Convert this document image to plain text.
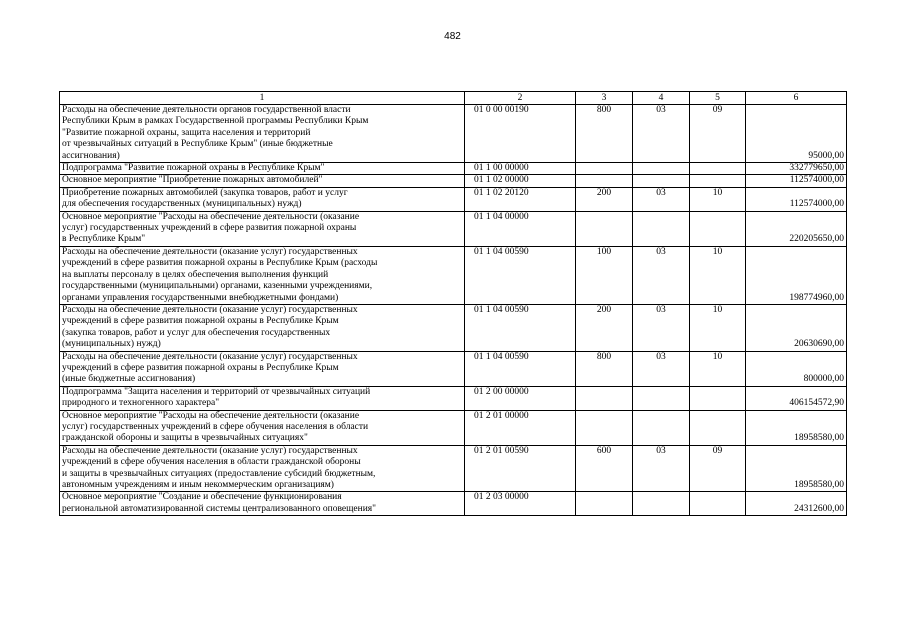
482
1	2	3	4	5	6

Расходы на обеспечение деятельности органов государственной власти
Республики Крым в рамках Государственной программы Республики Крым
"Развитие пожарной охраны, защита населения и территорий
от чрезвычайных ситуаций в Республике Крым" (иные бюджетные
ассигнования)	01 0 00 00190	800	03	09	95000,00

Подпрограмма "Развитие пожарной охраны в Республике Крым"	01 1 00 00000				332779650,00

Основное мероприятие "Приобретение пожарных автомобилей"	01 1 02 00000				112574000,00

Приобретение пожарных автомобилей (закупка товаров, работ и услуг
для обеспечения государственных (муниципальных) нужд)	01 1 02 20120	200	03	10	112574000,00

Основное мероприятие "Расходы на обеспечение деятельности (оказание
услуг) государственных учреждений в сфере развития пожарной охраны
в Республике Крым"	01 1 04 00000				220205650,00

Расходы на обеспечение деятельности (оказание услуг) государственных
учреждений в сфере развития пожарной охраны в Республике Крым (расходы
на выплаты персоналу в целях обеспечения выполнения функций
государственными (муниципальными) органами, казенными учреждениями,
органами управления государственными внебюджетными фондами)	01 1 04 00590	100	03	10	198774960,00

Расходы на обеспечение деятельности (оказание услуг) государственных
учреждений в сфере развития пожарной охраны в Республике Крым
(закупка товаров, работ и услуг для обеспечения государственных
(муниципальных) нужд)	01 1 04 00590	200	03	10	20630690,00

Расходы на обеспечение деятельности (оказание услуг) государственных
учреждений в сфере развития пожарной охраны в Республике Крым
(иные бюджетные ассигнования)	01 1 04 00590	800	03	10	800000,00

Подпрограмма "Защита населения и территорий от чрезвычайных ситуаций
природного и техногенного характера"	01 2 00 00000				406154572,90

Основное мероприятие "Расходы на обеспечение деятельности (оказание
услуг) государственных учреждений в сфере обучения населения в области
гражданской обороны и защиты в чрезвычайных ситуациях"	01 2 01 00000				18958580,00

Расходы на обеспечение деятельности (оказание услуг) государственных
учреждений в сфере обучения населения в области гражданской обороны
и защиты в чрезвычайных ситуациях (предоставление субсидий бюджетным,
автономным учреждениям и иным некоммерческим организациям)	01 2 01 00590	600	03	09	18958580,00

Основное мероприятие "Создание и обеспечение функционирования
региональной автоматизированной системы централизованного оповещения"	01 2 03 00000				24312600,00
